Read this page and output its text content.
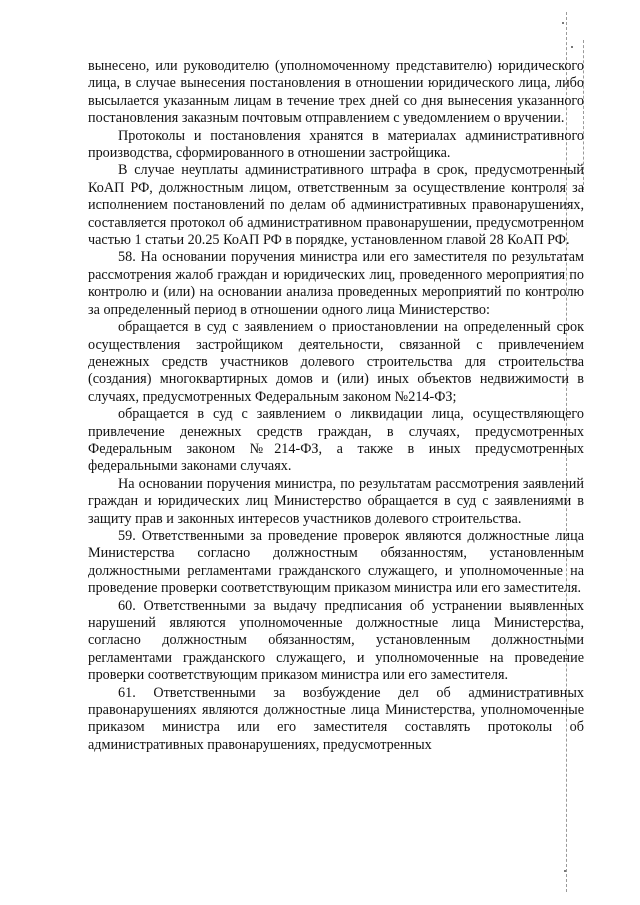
вынесено, или руководителю (уполномоченному представителю) юридического лица, в случае вынесения постановления в отношении юридического лица, либо высылается указанным лицам в течение трех дней со дня вынесения указанного постановления заказным почтовым отправлением с уведомлением о вручении.

Протоколы и постановления хранятся в материалах административного производства, сформированного в отношении застройщика.

В случае неуплаты административного штрафа в срок, предусмотренный КоАП РФ, должностным лицом, ответственным за осуществление контроля за исполнением постановлений по делам об административных правонарушениях, составляется протокол об административном правонарушении, предусмотренном частью 1 статьи 20.25 КоАП РФ в порядке, установленном главой 28 КоАП РФ.

58. На основании поручения министра или его заместителя по результатам рассмотрения жалоб граждан и юридических лиц, проведенного мероприятия по контролю и (или) на основании анализа проведенных мероприятий по контролю за определенный период в отношении одного лица Министерство:

обращается в суд с заявлением о приостановлении на определенный срок осуществления застройщиком деятельности, связанной с привлечением денежных средств участников долевого строительства для строительства (создания) многоквартирных домов и (или) иных объектов недвижимости в случаях, предусмотренных Федеральным законом №214-ФЗ;

обращается в суд с заявлением о ликвидации лица, осуществляющего привлечение денежных средств граждан, в случаях, предусмотренных Федеральным законом №214-ФЗ, а также в иных предусмотренных федеральными законами случаях.

На основании поручения министра, по результатам рассмотрения заявлений граждан и юридических лиц Министерство обращается в суд с заявлениями в защиту прав и законных интересов участников долевого строительства.

59. Ответственными за проведение проверок являются должностные лица Министерства согласно должностным обязанностям, установленным должностными регламентами гражданского служащего, и уполномоченные на проведение проверки соответствующим приказом министра или его заместителя.

60. Ответственными за выдачу предписания об устранении выявленных нарушений являются уполномоченные должностные лица Министерства, согласно должностным обязанностям, установленным должностными регламентами гражданского служащего, и уполномоченные на проведение проверки соответствующим приказом министра или его заместителя.

61. Ответственными за возбуждение дел об административных правонарушениях являются должностные лица Министерства, уполномоченные приказом министра или его заместителя составлять протоколы об административных правонарушениях, предусмотренных
